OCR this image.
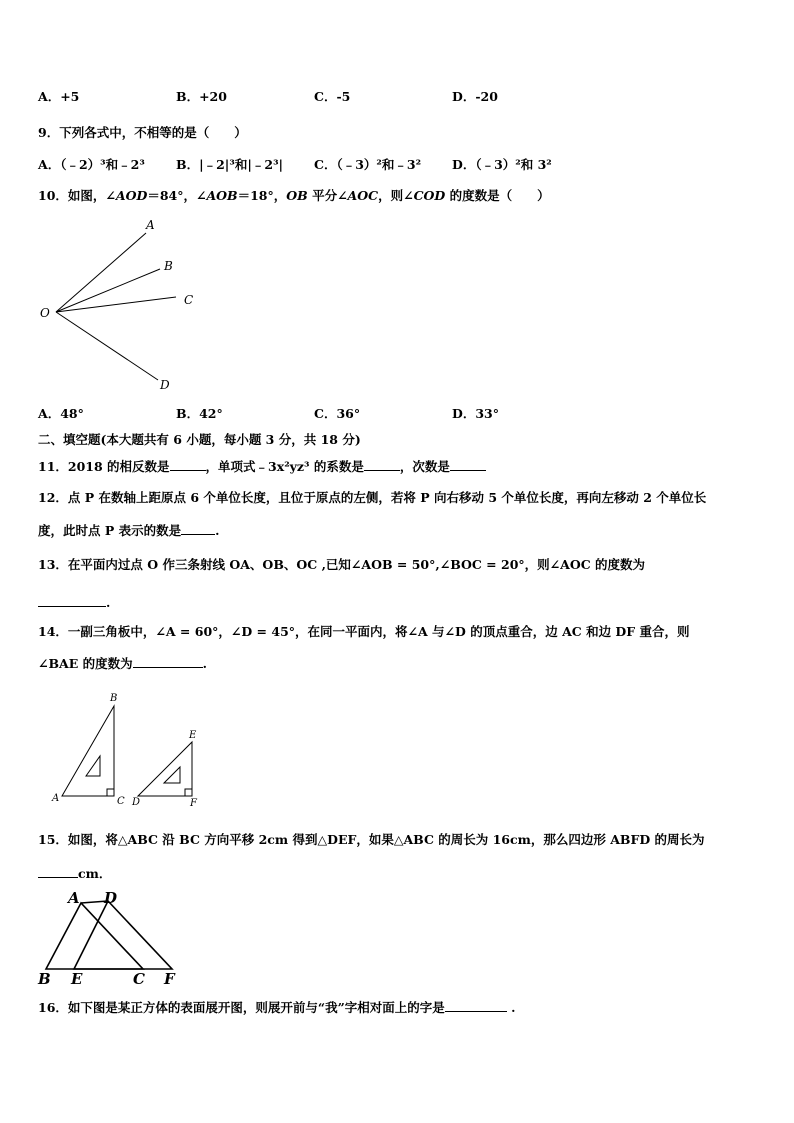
A．+5	B．+20	C．-5	D．-20
9．下列各式中，不相等的是（　　）
A．（﹣2）³和﹣2³ B．|﹣2|³和|﹣2³| C．（﹣3）²和﹣3² D．（﹣3）²和 3²
10．如图，∠AOD＝84°，∠AOB＝18°，OB 平分∠AOC，则∠COD 的度数是（　　）
A
B
C
D
O
A．48°	B．42°	C．36°	D．33°
二、填空题(本大题共有 6 小题，每小题 3 分，共 18 分)
11．2018 的相反数是	，单项式﹣3x²yz³ 的系数是	，次数是
12．点 P 在数轴上距原点 6 个单位长度，且位于原点的左侧，若将 P 向右移动 5 个单位长度，再向左移动 2 个单位长
度，此时点 P 表示的数是	.
13．在平面内过点 O 作三条射线 OA、OB、OC ,已知∠AOB = 50°,∠BOC = 20°，则∠AOC 的度数为
.
14．一副三角板中，∠A = 60°，∠D = 45°，在同一平面内，将∠A 与∠D 的顶点重合，边 AC 和边 DF 重合，则
∠BAE 的度数为	.
A
B
C D
E
F
15．如图，将△ABC 沿 BC 方向平移 2cm 得到△DEF，如果△ABC 的周长为 16cm，那么四边形 ABFD 的周长为
cm．
A D
B E	C F
16．如下图是某正方体的表面展开图，则展开前与“我”字相对面上的字是	.
